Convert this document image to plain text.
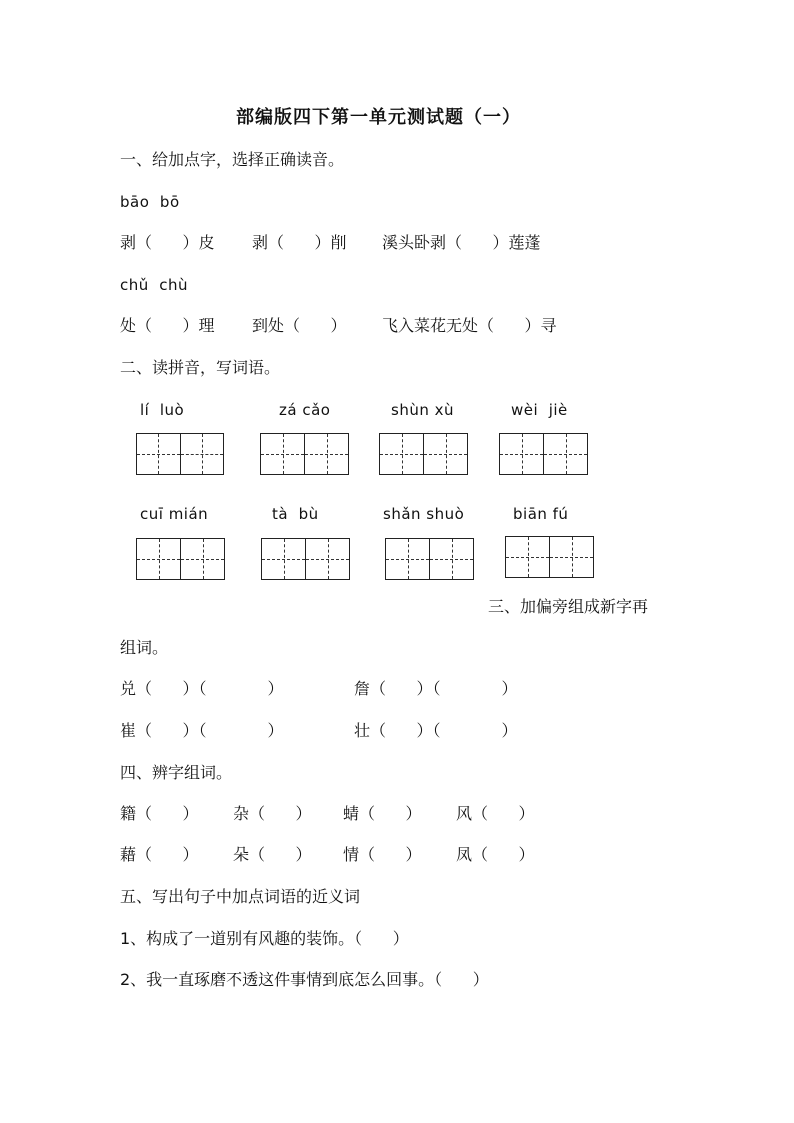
部编版四下第一单元测试题（一）
一、给加点字，选择正确读音。
bāo  bō
剥（      ）皮 剥（      ）削 溪头卧剥（      ）莲蓬
chǔ  chù
处（      ）理 到处（      ） 飞入菜花无处（      ）寻
二、读拼音，写词语。
lí  luò	zá cǎo	shùn xù	wèi  jiè
cuī mián	tà  bù	shǎn shuò	biān fú
三、加偏旁组成新字再
组词。
兑（      ）（            ）	詹（      ）（            ）
崔（      ）（            ）	壮（      ）（            ）
四、辨字组词。
籍（      ） 杂（      ） 蜻（      ） 风（      ）
藉（      ） 朵（      ） 情（      ） 凤（      ）
五、写出句子中加点词语的近义词
1、构成了一道别有风趣的装饰。（      ）
2、我一直琢磨不透这件事情到底怎么回事。（      ）
